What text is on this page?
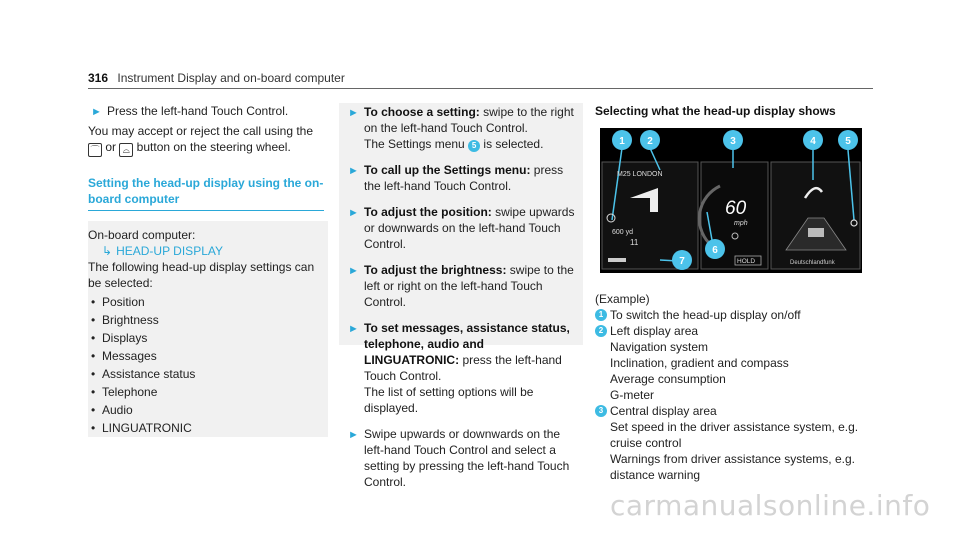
316 Instrument Display and on-board computer
► Press the left-hand Touch Control.

You may accept or reject the call using the ⌒ or ⌓ button on the steering wheel.

Setting the head-up display using the on-board computer

On-board computer:

↳ HEAD-UP DISPLAY

The following head-up display settings can be selected:

• Position
• Brightness
• Displays
• Messages
• Assistance status
• Telephone
• Audio
• LINGUATRONIC
► To choose a setting: swipe to the right on the left-hand Touch Control.
The Settings menu 5 is selected.
► To call up the Settings menu: press the left-hand Touch Control.
► To adjust the position: swipe upwards or downwards on the left-hand Touch Control.
► To adjust the brightness: swipe to the left or right on the left-hand Touch Control.
► To set messages, assistance status, telephone, audio and LINGUATRONIC: press the left-hand Touch Control.
The list of setting options will be displayed.
► Swipe upwards or downwards on the left-hand Touch Control and select a setting by pressing the left-hand Touch Control.
Selecting what the head-up display shows
M25 LONDON
600 yd
11
60
mph
HOLD	Deutschlandfunk
1 2	3	4	5
6
7

(Example)

1 To switch the head-up display on/off

2 Left display area

Navigation system

Inclination, gradient and compass

Average consumption

G-meter

3 Central display area

Set speed in the driver assistance system, e.g. cruise control

Warnings from driver assistance systems, e.g. distance warning

carmanualsonline.info
